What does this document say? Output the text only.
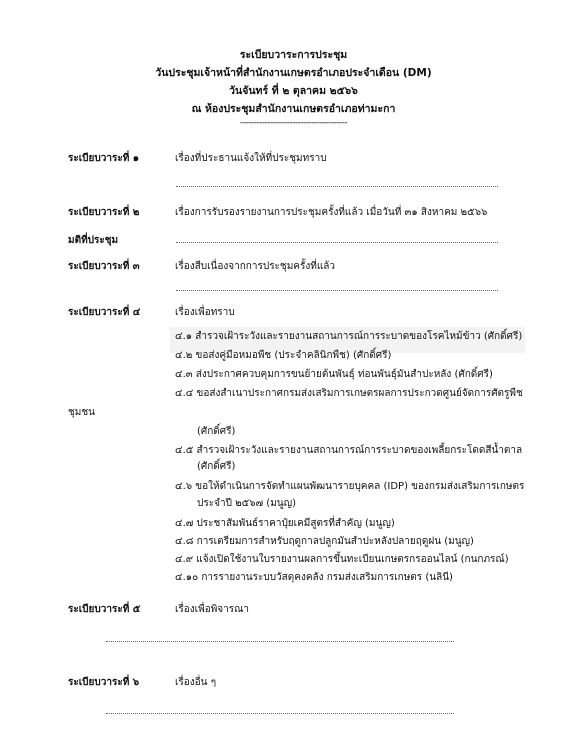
ระเบียบวาระการประชุม
วันประชุมเจ้าหน้าที่สำนักงานเกษตรอำเภอประจำเดือน (DM)
วันจันทร์ ที่ ๒ ตุลาคม ๒๕๖๖
ณ ห้องประชุมสำนักงานเกษตรอำเภอท่ามะกา
---------------------------------------
ระเบียบวาระที่ ๑	เรื่องที่ประธานแจ้งให้ที่ประชุมทราบ
ระเบียบวาระที่ ๒	เรื่องการรับรองรายงานการประชุมครั้งที่แล้ว เมื่อวันที่ ๓๑ สิงหาคม ๒๕๖๖
มติที่ประชุม
ระเบียบวาระที่ ๓	เรื่องสืบเนื่องจากการประชุมครั้งที่แล้ว
ระเบียบวาระที่ ๔	เรื่องเพื่อทราบ
๔.๑ สำรวจเฝ้าระวังและรายงานสถานการณ์การระบาดของโรคไหม้ข้าว (ศักดิ์ศรี)
๔.๒ ขอส่งคู่มือหมอพืช (ประจำคลินิกพืช) (ศักดิ์ศรี)
๔.๓ ส่งประกาศควบคุมการขนย้ายต้นพันธุ์ ท่อนพันธุ์มันสำปะหลัง (ศักดิ์ศรี)
๔.๔ ขอส่งสำเนาประกาศกรมส่งเสริมการเกษตรผลการประกวดศูนย์จัดการศัตรูพืช
ชุมชน
(ศักดิ์ศรี)
๔.๕ สำรวจเฝ้าระวังและรายงานสถานการณ์การระบาดของเพลี้ยกระโดดสีน้ำตาล
(ศักดิ์ศรี)
๔.๖ ขอให้ดำเนินการจัดทำแผนพัฒนารายบุคคล (IDP) ของกรมส่งเสริมการเกษตร
ประจำปี ๒๕๖๗ (มนูญ)
๔.๗ ประชาสัมพันธ์ราคาปุ๋ยเคมีสูตรที่สำคัญ (มนูญ)
๔.๘ การเตรียมการสำหรับฤดูกาลปลูกมันสำปะหลังปลายฤดูฝน (มนูญ)
๔.๙ แจ้งเปิดใช้งานใบรายงานผลการขึ้นทะเบียนเกษตรกรออนไลน์ (กนกภรณ์)
๔.๑๐ การรายงานระบบวัสดุคงคลัง กรมส่งเสริมการเกษตร (นลินี)
ระเบียบวาระที่ ๕	เรื่องเพื่อพิจารณา
ระเบียบวาระที่ ๖	เรื่องอื่น ๆ
